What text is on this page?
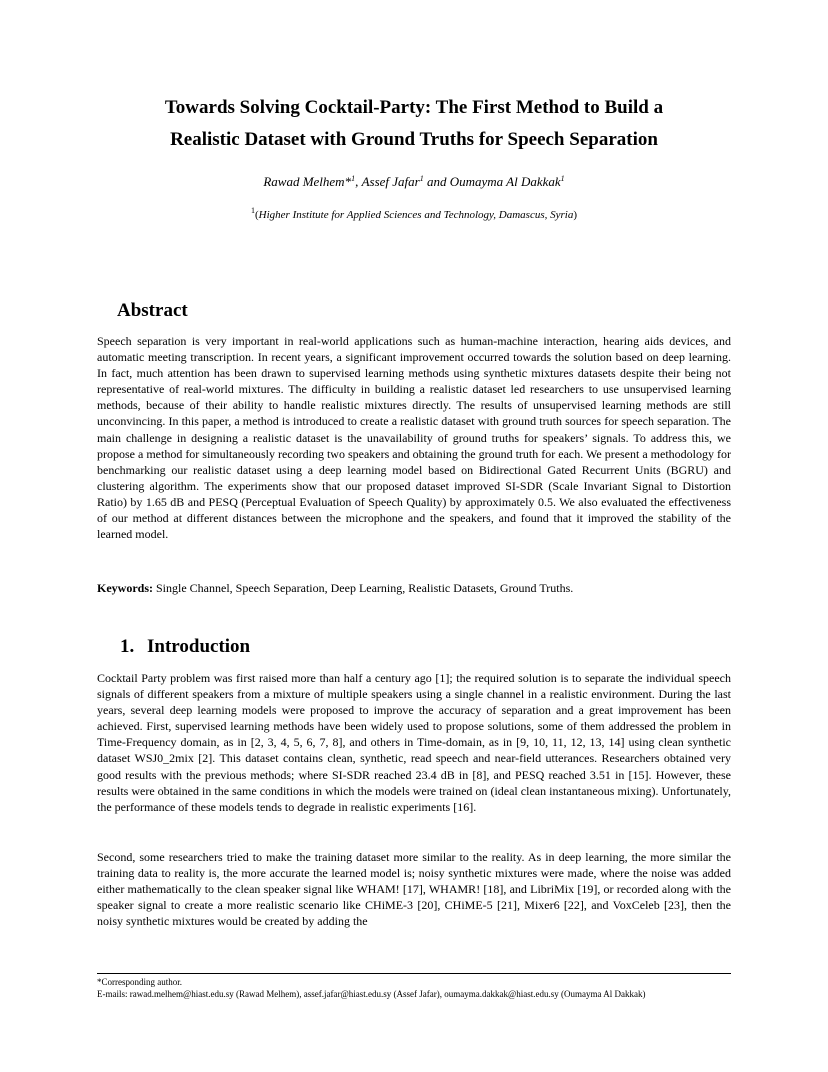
Towards Solving Cocktail-Party: The First Method to Build a
Realistic Dataset with Ground Truths for Speech Separation
Rawad Melhem*$^1$, Assef Jafar$^1$ and Oumayma Al Dakkak$^1$
$^1$(Higher Institute for Applied Sciences and Technology, Damascus, Syria)
Abstract

Speech separation is very important in real-world applications such as human-machine interaction, hearing aids devices, and automatic meeting transcription. In recent years, a significant improvement occurred towards the solution based on deep learning. In fact, much attention has been drawn to supervised learning methods using synthetic mixtures datasets despite their being not representative of real-world mixtures. The difficulty in building a realistic dataset led researchers to use unsupervised learning methods, because of their ability to handle realistic mixtures directly. The results of unsupervised learning methods are still unconvincing. In this paper, a method is introduced to create a realistic dataset with ground truth sources for speech separation. The main challenge in designing a realistic dataset is the unavailability of ground truths for speakers’ signals. To address this, we propose a method for simultaneously recording two speakers and obtaining the ground truth for each. We present a methodology for benchmarking our realistic dataset using a deep learning model based on Bidirectional Gated Recurrent Units (BGRU) and clustering algorithm. The experiments show that our proposed dataset improved SI-SDR (Scale Invariant Signal to Distortion Ratio) by 1.65 dB and PESQ (Perceptual Evaluation of Speech Quality) by approximately 0.5. We also evaluated the effectiveness of our method at different distances between the microphone and the speakers, and found that it improved the stability of the learned model.

Keywords: Single Channel, Speech Separation, Deep Learning, Realistic Datasets, Ground Truths.

1. Introduction

Cocktail Party problem was first raised more than half a century ago [1]; the required solution is to separate the individual speech signals of different speakers from a mixture of multiple speakers using a single channel in a realistic environment. During the last years, several deep learning models were proposed to improve the accuracy of separation and a great improvement has been achieved. First, supervised learning methods have been widely used to propose solutions, some of them addressed the problem in Time-Frequency domain, as in [2, 3, 4, 5, 6, 7, 8], and others in Time-domain, as in [9, 10, 11, 12, 13, 14] using clean synthetic dataset WSJ0_2mix [2]. This dataset contains clean, synthetic, read speech and near-field utterances. Researchers obtained very good results with the previous methods; where SI-SDR reached 23.4 dB in [8], and PESQ reached 3.51 in [15]. However, these results were obtained in the same conditions in which the models were trained on (ideal clean instantaneous mixing). Unfortunately, the performance of these models tends to degrade in realistic experiments [16].

Second, some researchers tried to make the training dataset more similar to the reality. As in deep learning, the more similar the training data to reality is, the more accurate the learned model is; noisy synthetic mixtures were made, where the noise was added either mathematically to the clean speaker signal like WHAM! [17], WHAMR! [18], and LibriMix [19], or recorded along with the speaker signal to create a more realistic scenario like CHiME-3 [20], CHiME-5 [21], Mixer6 [22], and VoxCeleb [23], then the noisy synthetic mixtures would be created by adding the

*Corresponding author.
E-mails: rawad.melhem@hiast.edu.sy (Rawad Melhem), assef.jafar@hiast.edu.sy (Assef Jafar), oumayma.dakkak@hiast.edu.sy (Oumayma Al Dakkak)
